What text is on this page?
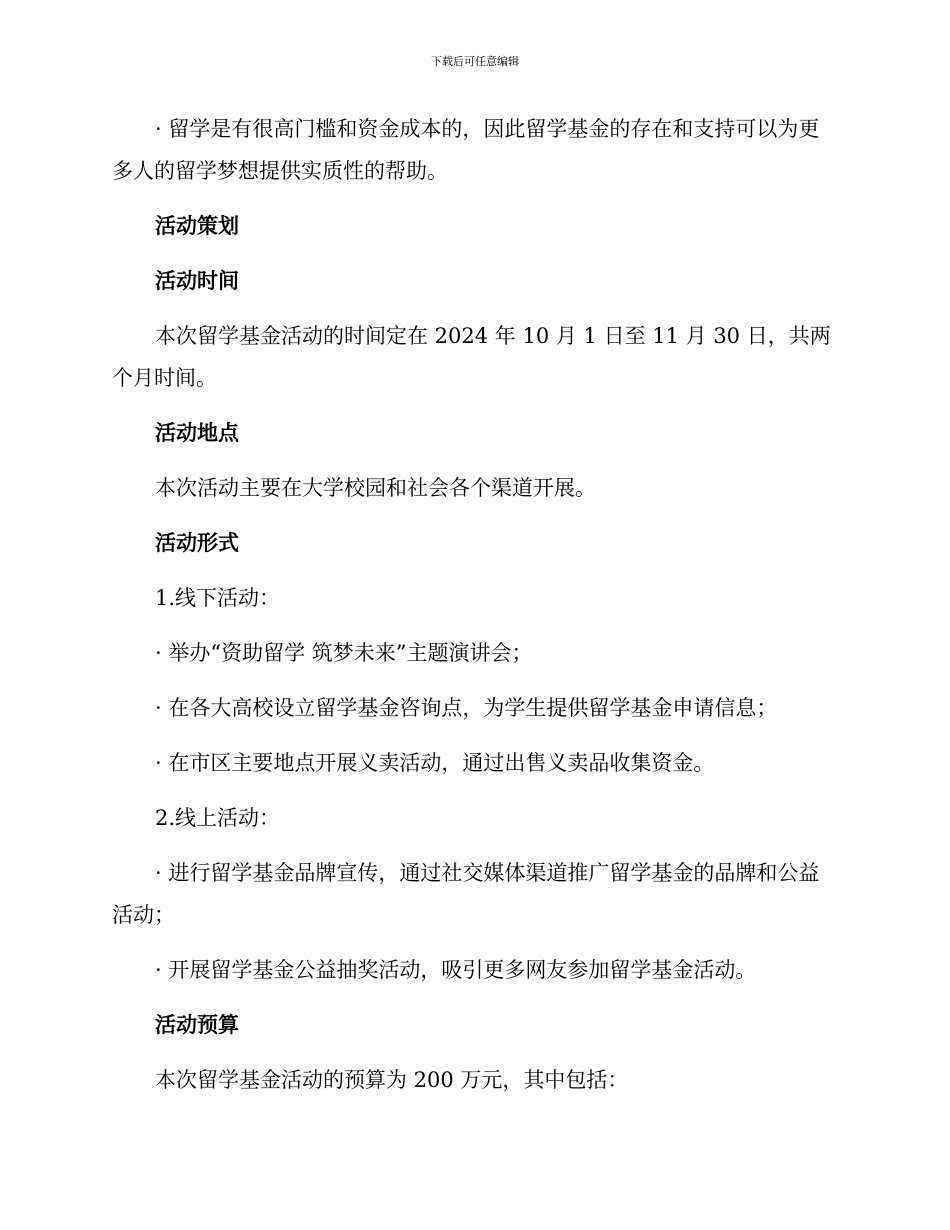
下载后可任意编辑

· 留学是有很高门槛和资金成本的，因此留学基金的存在和支持可以为更多人的留学梦想提供实质性的帮助。

活动策划

活动时间

本次留学基金活动的时间定在 2024 年 10 月 1 日至 11 月 30 日，共两个月时间。

活动地点

本次活动主要在大学校园和社会各个渠道开展。

活动形式

1.线下活动：

· 举办“资助留学 筑梦未来”主题演讲会；

· 在各大高校设立留学基金咨询点，为学生提供留学基金申请信息；

· 在市区主要地点开展义卖活动，通过出售义卖品收集资金。

2.线上活动：

· 进行留学基金品牌宣传，通过社交媒体渠道推广留学基金的品牌和公益活动；

· 开展留学基金公益抽奖活动，吸引更多网友参加留学基金活动。

活动预算

本次留学基金活动的预算为 200 万元，其中包括：
